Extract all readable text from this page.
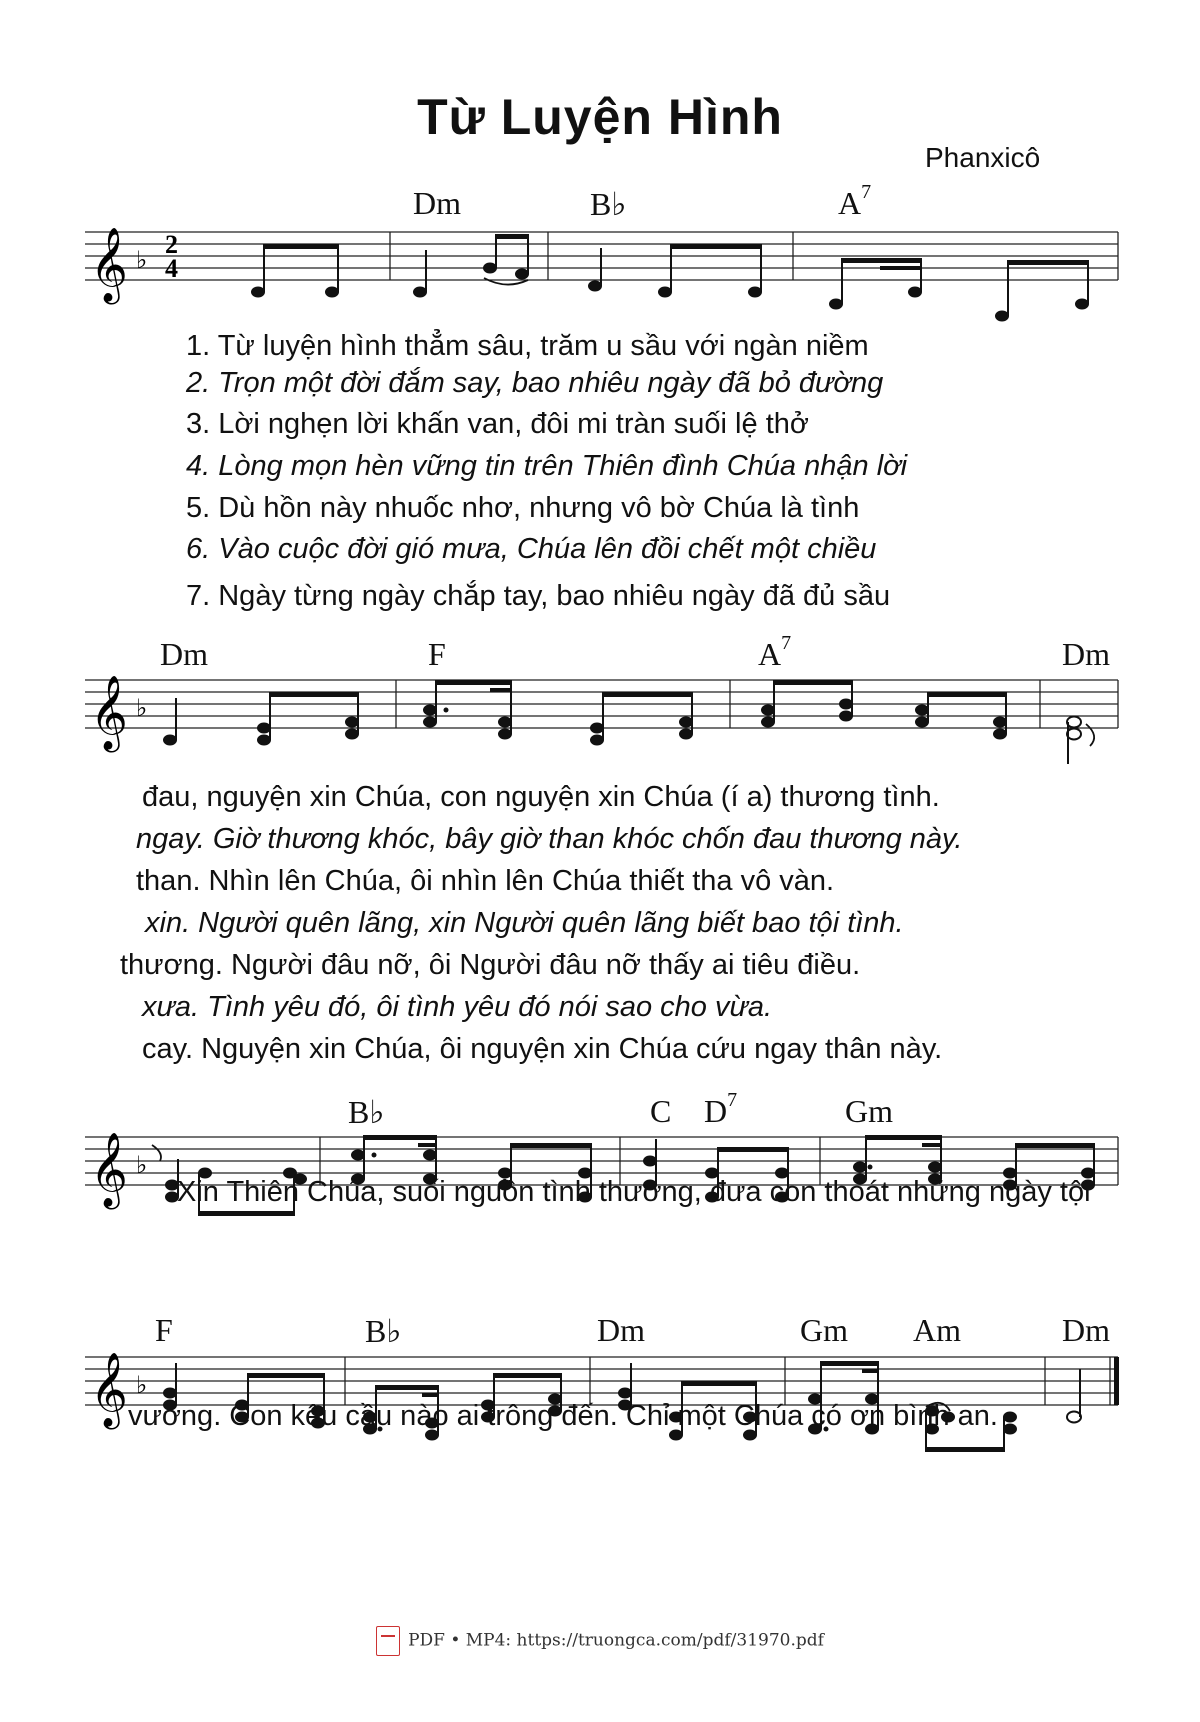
Từ Luyện Hình
Phanxicô
Dm	B♭	$A^7$
𝄞 ♭
2
4
1. Từ luyện hình thẳm sâu, trăm u sầu với ngàn niềm
2. Trọn một đời đắm say, bao nhiêu ngày đã bỏ đường
3. Lời nghẹn lời khấn van, đôi mi tràn suối lệ thở
4. Lòng mọn hèn vững tin trên Thiên đình Chúa nhận lời
5. Dù hồn này nhuốc nhơ, nhưng vô bờ Chúa là tình
6. Vào cuộc đời gió mưa, Chúa lên đồi chết một chiều
7. Ngày từng ngày chắp tay, bao nhiêu ngày đã đủ sầu
Dm	F	$A^7$	Dm
𝄞 ♭
đau, nguyện xin Chúa, con nguyện xin Chúa (í a) thương tình.
ngay. Giờ thương khóc, bây giờ than khóc chốn đau thương này.
than. Nhìn lên Chúa, ôi nhìn lên Chúa thiết tha vô vàn.
xin. Người quên lãng, xin Người quên lãng biết bao tội tình.
thương. Người đâu nỡ, ôi Người đâu nỡ thấy ai tiêu điều.
xưa. Tình yêu đó, ôi tình yêu đó nói sao cho vừa.
cay. Nguyện xin Chúa, ôi nguyện xin Chúa cứu ngay thân này.
B♭	C $D^7$	Gm
𝄞 ♭
Xin Thiên Chúa, suối nguồn tình thương, đưa con thoát những ngày tội
F	B♭	Dm	Gm Am	Dm
𝄞 ♭
vương. Con kêu cầu nào ai trông đến. Chỉ một Chúa có ơn bình an.
PDF • MP4: https://truongca.com/pdf/31970.pdf
